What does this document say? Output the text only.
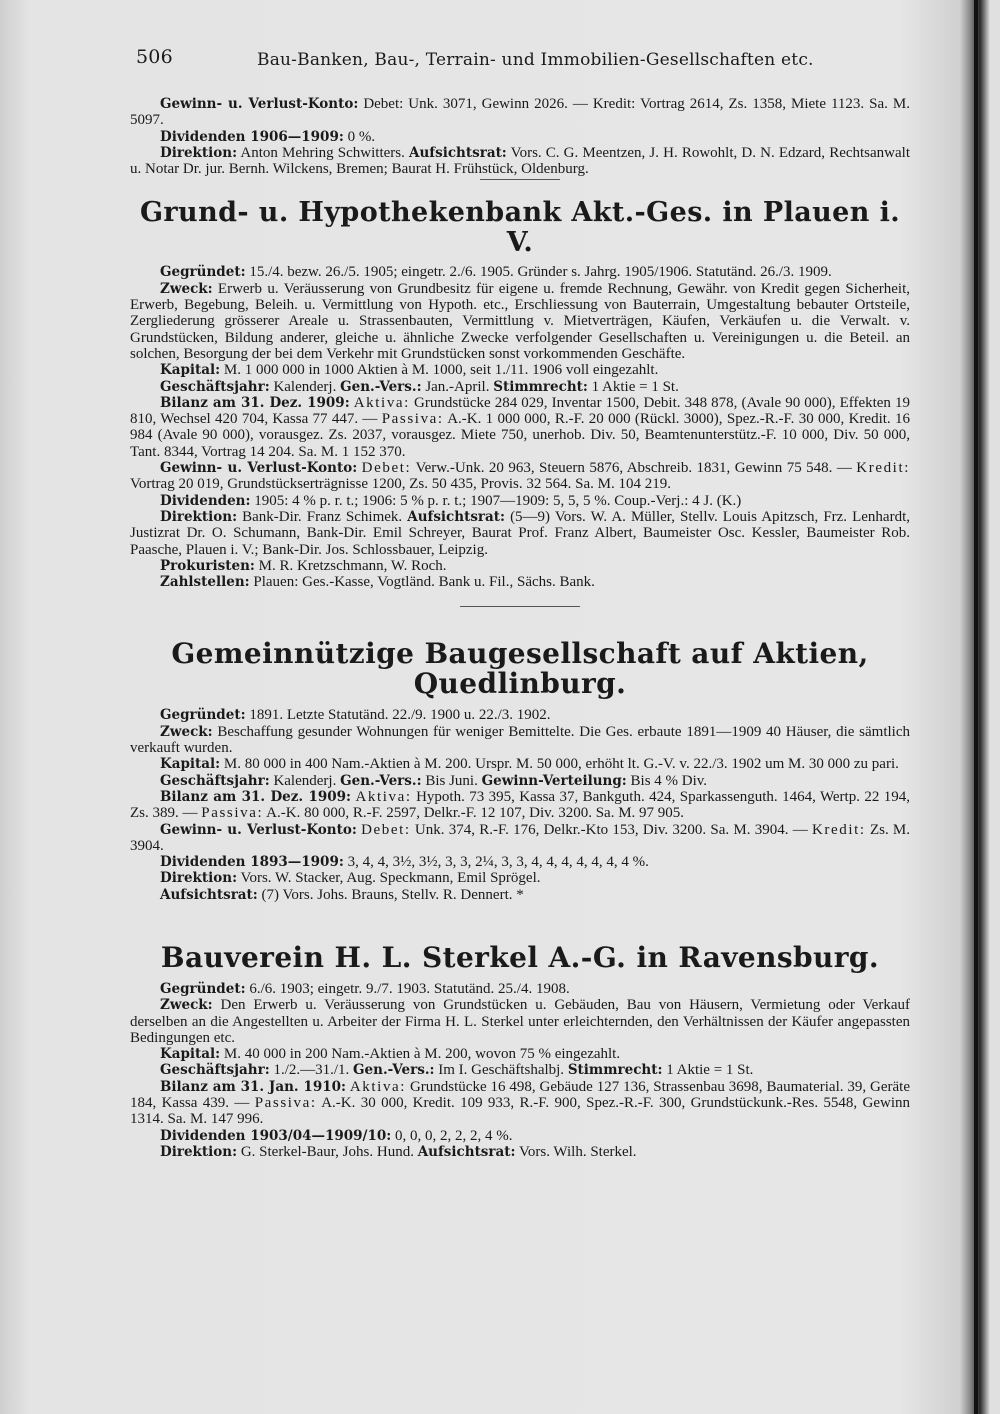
506	Bau-Banken, Bau-, Terrain- und Immobilien-Gesellschaften etc.

Gewinn- u. Verlust-Konto: Debet: Unk. 3071, Gewinn 2026. — Kredit: Vortrag 2614, Zs. 1358, Miete 1123. Sa. M. 5097.

Dividenden 1906—1909: 0 %.

Direktion: Anton Mehring Schwitters. Aufsichtsrat: Vors. C. G. Meentzen, J. H. Rowohlt, D. N. Edzard, Rechtsanwalt u. Notar Dr. jur. Bernh. Wilckens, Bremen; Baurat H. Frühstück, Oldenburg.

Grund- u. Hypothekenbank Akt.-Ges. in Plauen i. V.

Gegründet: 15./4. bezw. 26./5. 1905; eingetr. 2./6. 1905. Gründer s. Jahrg. 1905/1906. Statutänd. 26./3. 1909.

Zweck: Erwerb u. Veräusserung von Grundbesitz für eigene u. fremde Rechnung, Gewähr. von Kredit gegen Sicherheit, Erwerb, Begebung, Beleih. u. Vermittlung von Hypoth. etc., Erschliessung von Bauterrain, Umgestaltung bebauter Ortsteile, Zergliederung grösserer Areale u. Strassenbauten, Vermittlung v. Mietverträgen, Käufen, Verkäufen u. die Verwalt. v. Grundstücken, Bildung anderer, gleiche u. ähnliche Zwecke verfolgender Gesellschaften u. Vereinigungen u. die Beteil. an solchen, Besorgung der bei dem Verkehr mit Grundstücken sonst vorkommenden Geschäfte.

Kapital: M. 1 000 000 in 1000 Aktien à M. 1000, seit 1./11. 1906 voll eingezahlt.

Geschäftsjahr: Kalenderj. Gen.-Vers.: Jan.-April. Stimmrecht: 1 Aktie = 1 St.

Bilanz am 31. Dez. 1909: Aktiva: Grundstücke 284 029, Inventar 1500, Debit. 348 878, (Avale 90 000), Effekten 19 810, Wechsel 420 704, Kassa 77 447. — Passiva: A.-K. 1 000 000, R.-F. 20 000 (Rückl. 3000), Spez.-R.-F. 30 000, Kredit. 16 984 (Avale 90 000), vorausgez. Zs. 2037, vorausgez. Miete 750, unerhob. Div. 50, Beamtenunterstütz.-F. 10 000, Div. 50 000, Tant. 8344, Vortrag 14 204. Sa. M. 1 152 370.

Gewinn- u. Verlust-Konto: Debet: Verw.-Unk. 20 963, Steuern 5876, Abschreib. 1831, Gewinn 75 548. — Kredit: Vortrag 20 019, Grundstückserträgnisse 1200, Zs. 50 435, Provis. 32 564. Sa. M. 104 219.

Dividenden: 1905: 4 % p. r. t.; 1906: 5 % p. r. t.; 1907—1909: 5, 5, 5 %. Coup.-Verj.: 4 J. (K.)

Direktion: Bank-Dir. Franz Schimek. Aufsichtsrat: (5—9) Vors. W. A. Müller, Stellv. Louis Apitzsch, Frz. Lenhardt, Justizrat Dr. O. Schumann, Bank-Dir. Emil Schreyer, Baurat Prof. Franz Albert, Baumeister Osc. Kessler, Baumeister Rob. Paasche, Plauen i. V.; Bank-Dir. Jos. Schlossbauer, Leipzig.

Prokuristen: M. R. Kretzschmann, W. Roch.

Zahlstellen: Plauen: Ges.-Kasse, Vogtländ. Bank u. Fil., Sächs. Bank.

Gemeinnützige Baugesellschaft auf Aktien, Quedlinburg.

Gegründet: 1891. Letzte Statutänd. 22./9. 1900 u. 22./3. 1902.

Zweck: Beschaffung gesunder Wohnungen für weniger Bemittelte. Die Ges. erbaute 1891—1909 40 Häuser, die sämtlich verkauft wurden.

Kapital: M. 80 000 in 400 Nam.-Aktien à M. 200. Urspr. M. 50 000, erhöht lt. G.-V. v. 22./3. 1902 um M. 30 000 zu pari.

Geschäftsjahr: Kalenderj. Gen.-Vers.: Bis Juni. Gewinn-Verteilung: Bis 4 % Div.

Bilanz am 31. Dez. 1909: Aktiva: Hypoth. 73 395, Kassa 37, Bankguth. 424, Sparkassenguth. 1464, Wertp. 22 194, Zs. 389. — Passiva: A.-K. 80 000, R.-F. 2597, Delkr.-F. 12 107, Div. 3200. Sa. M. 97 905.

Gewinn- u. Verlust-Konto: Debet: Unk. 374, R.-F. 176, Delkr.-Kto 153, Div. 3200. Sa. M. 3904. — Kredit: Zs. M. 3904.

Dividenden 1893—1909: 3, 4, 4, 3½, 3½, 3, 3, 2¼, 3, 3, 4, 4, 4, 4, 4, 4, 4 %.

Direktion: Vors. W. Stacker, Aug. Speckmann, Emil Sprögel.

Aufsichtsrat: (7) Vors. Johs. Brauns, Stellv. R. Dennert. *

Bauverein H. L. Sterkel A.-G. in Ravensburg.

Gegründet: 6./6. 1903; eingetr. 9./7. 1903. Statutänd. 25./4. 1908.

Zweck: Den Erwerb u. Veräusserung von Grundstücken u. Gebäuden, Bau von Häusern, Vermietung oder Verkauf derselben an die Angestellten u. Arbeiter der Firma H. L. Sterkel unter erleichternden, den Verhältnissen der Käufer angepassten Bedingungen etc.

Kapital: M. 40 000 in 200 Nam.-Aktien à M. 200, wovon 75 % eingezahlt.

Geschäftsjahr: 1./2.—31./1. Gen.-Vers.: Im I. Geschäftshalbj. Stimmrecht: 1 Aktie = 1 St.

Bilanz am 31. Jan. 1910: Aktiva: Grundstücke 16 498, Gebäude 127 136, Strassenbau 3698, Baumaterial. 39, Geräte 184, Kassa 439. — Passiva: A.-K. 30 000, Kredit. 109 933, R.-F. 900, Spez.-R.-F. 300, Grundstückunk.-Res. 5548, Gewinn 1314. Sa. M. 147 996.

Dividenden 1903/04—1909/10: 0, 0, 0, 2, 2, 2, 4 %.

Direktion: G. Sterkel-Baur, Johs. Hund. Aufsichtsrat: Vors. Wilh. Sterkel.
